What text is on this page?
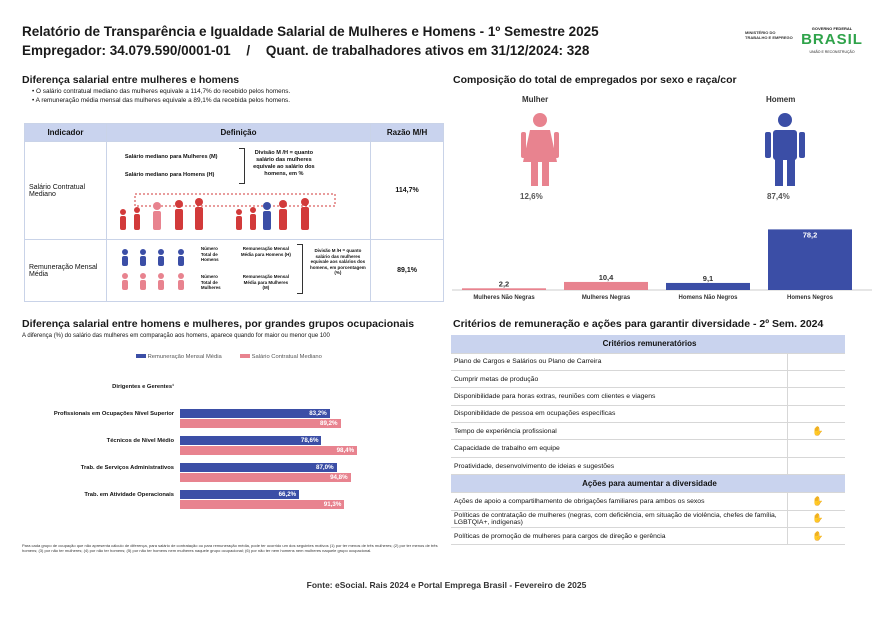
Relatório de Transparência e Igualdade Salarial de Mulheres e Homens - 1º Semestre 2025
Empregador: 34.079.590/0001-01 / Quant. de trabalhadores ativos em 31/12/2024: 328
MINISTÉRIO DO TRABALHO E EMPREGO
GOVERNO FEDERAL
BRASIL
UNIÃO E RECONSTRUÇÃO
Diferença salarial entre mulheres e homens
• O salário contratual mediano das mulheres equivale a 114,7% do recebido pelos homens.
• A remuneração média mensal das mulheres equivale a 89,1% da recebida pelos homens.
Indicador	Definição	Razão M/H
Salário Contratual Mediano	Salário mediano para Mulheres (M)
Salário mediano para Homens (H)
Divisão M /H = quanto salário das mulheres equivale ao salário dos homens, em %	114,7%
Remuneração Mensal Média	Número Total de Homens
Número Total de Mulheres
Remuneração Mensal Média para Homens (H)
Remuneração Mensal Média para Mulheres (M)
Divisão M /H = quanto salário das mulheres equivale aos salários dos homens, em porcentagem (%)	89,1%
Composição do total de empregados por sexo e raça/cor
Mulher	Homem
12,6%	87,4%
2,2
Mulheres Não Negras
10,4
Mulheres Negras
9,1
Homens Não Negros
78,2
Homens Negros
Diferença salarial entre homens e mulheres, por grandes grupos ocupacionais
A diferença (%) do salário das mulheres em comparação aos homens, aparece quando for maior ou menor que 100
Remuneração Mensal Média	Salário Contratual Mediano
Dirigentes e Gerentes¹
Profissionais em Ocupações Nível Superior	83,2%
89,2%
Técnicos de Nível Médio	78,6%
98,4%
Trab. de Serviços Administrativos	87,0%
94,8%
Trab. em Atividade Operacionais	66,2%
91,3%
Para cada grupo de ocupação que não apresenta cálculo de diferença, para salário de contratação ou para remuneração média, pode ter ocorrido um dos seguintes motivos (1) por ter menos de três mulheres; (2) por ter menos de três homens; (3) por não ter mulheres; (4) por não ter homens; (5) por não ter homens nem mulheres naquele grupo ocupacional; (6) por não ter nem homens nem mulheres naquele grupo ocupacional.
Critérios de remuneração e ações para garantir diversidade - 2º Sem. 2024
Critérios remuneratórios	
Plano de Cargos e Salários ou Plano de Carreira	
Cumprir metas de produção	
Disponibilidade para horas extras, reuniões com clientes e viagens	
Disponibilidade de pessoa em ocupações específicas	
Tempo de experiência profissional	✋
Capacidade de trabalho em equipe	
Proatividade, desenvolvimento de ideias e sugestões	
Ações para aumentar a diversidade	
Ações de apoio a compartilhamento de obrigações familiares para ambos os sexos	✋
Políticas de contratação de mulheres (negras, com deficiência, em situação de violência, chefes de família, LGBTQIA+, indígenas)	✋
Políticas de promoção de mulheres para cargos de direção e gerência	✋
Fonte: eSocial. Rais 2024 e Portal Emprega Brasil - Fevereiro de 2025
